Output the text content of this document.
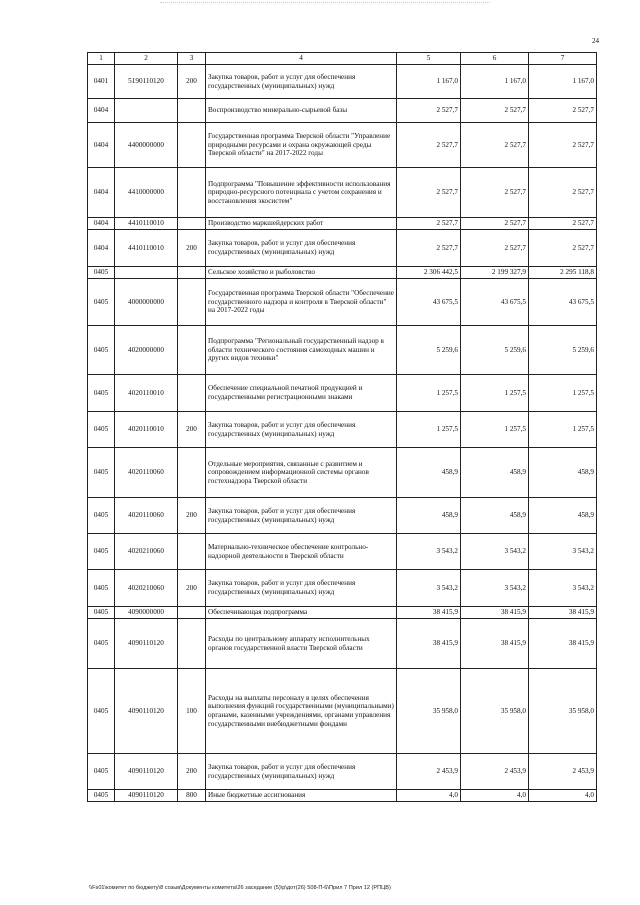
24
1	2	3	4	5	6	7
0401	5190110120	200	Закупка товаров, работ и услуг для обеспечения государственных (муниципальных) нужд	1 167,0	1 167,0	1 167,0
0404			Воспроизводство минерально-сырьевой базы	2 527,7	2 527,7	2 527,7
0404	4400000000		Государственная программа Тверской области "Управление природными ресурсами и охрана окружающей среды Тверской области" на 2017-2022 годы	2 527,7	2 527,7	2 527,7
0404	4410000000		Подпрограмма "Повышение эффективности использования природно-ресурсного потенциала с учетом сохранения и восстановления экосистем"	2 527,7	2 527,7	2 527,7
0404	4410110010		Производство маркшейдерских работ	2 527,7	2 527,7	2 527,7
0404	4410110010	200	Закупка товаров, работ и услуг для обеспечения государственных (муниципальных) нужд	2 527,7	2 527,7	2 527,7
0405			Сельское хозяйство и рыболовство	2 306 442,5	2 199 327,9	2 295 118,8
0405	4000000000		Государственная программа Тверской области "Обеспечение государственного надзора и контроля в Тверской области" на 2017-2022 годы	43 675,5	43 675,5	43 675,5
0405	4020000000		Подпрограмма "Региональный государственный надзор в области технического состояния самоходных машин и других видов техники"	5 259,6	5 259,6	5 259,6
0405	4020110010		Обеспечение специальной печатной продукцией и государственными регистрационными знаками	1 257,5	1 257,5	1 257,5
0405	4020110010	200	Закупка товаров, работ и услуг для обеспечения государственных (муниципальных) нужд	1 257,5	1 257,5	1 257,5
0405	4020110060		Отдельные мероприятия, связанные с развитием и сопровождением информационной системы органов гостехнадзора Тверской области	458,9	458,9	458,9
0405	4020110060	200	Закупка товаров, работ и услуг для обеспечения государственных (муниципальных) нужд	458,9	458,9	458,9
0405	4020210060		Материально-техническое обеспечение контрольно-надзорной деятельности в Тверской области	3 543,2	3 543,2	3 543,2
0405	4020210060	200	Закупка товаров, работ и услуг для обеспечения государственных (муниципальных) нужд	3 543,2	3 543,2	3 543,2
0405	4090000000		Обеспечивающая подпрограмма	38 415,9	38 415,9	38 415,9
0405	4090110120		Расходы по центральному аппарату исполнительных органов государственной власти Тверской области	38 415,9	38 415,9	38 415,9
0405	4090110120	100	Расходы на выплаты персоналу в целях обеспечения выполнения функций государственными (муниципальными) органами, казенными учреждениями, органами управления государственными внебюджетными фондами	35 958,0	35 958,0	35 958,0
0405	4090110120	200	Закупка товаров, работ и услуг для обеспечения государственных (муниципальных) нужд	2 453,9	2 453,9	2 453,9
0405	4090110120	800	Иные бюджетные ассигнования	4,0	4,0	4,0
\\Fs01\комитет по бюджету\8 созыв\Документы комитета\26 заседание (5)\p\дот(26) 508-П-6\Прил 7 Прил 12 (РПЦВ)
